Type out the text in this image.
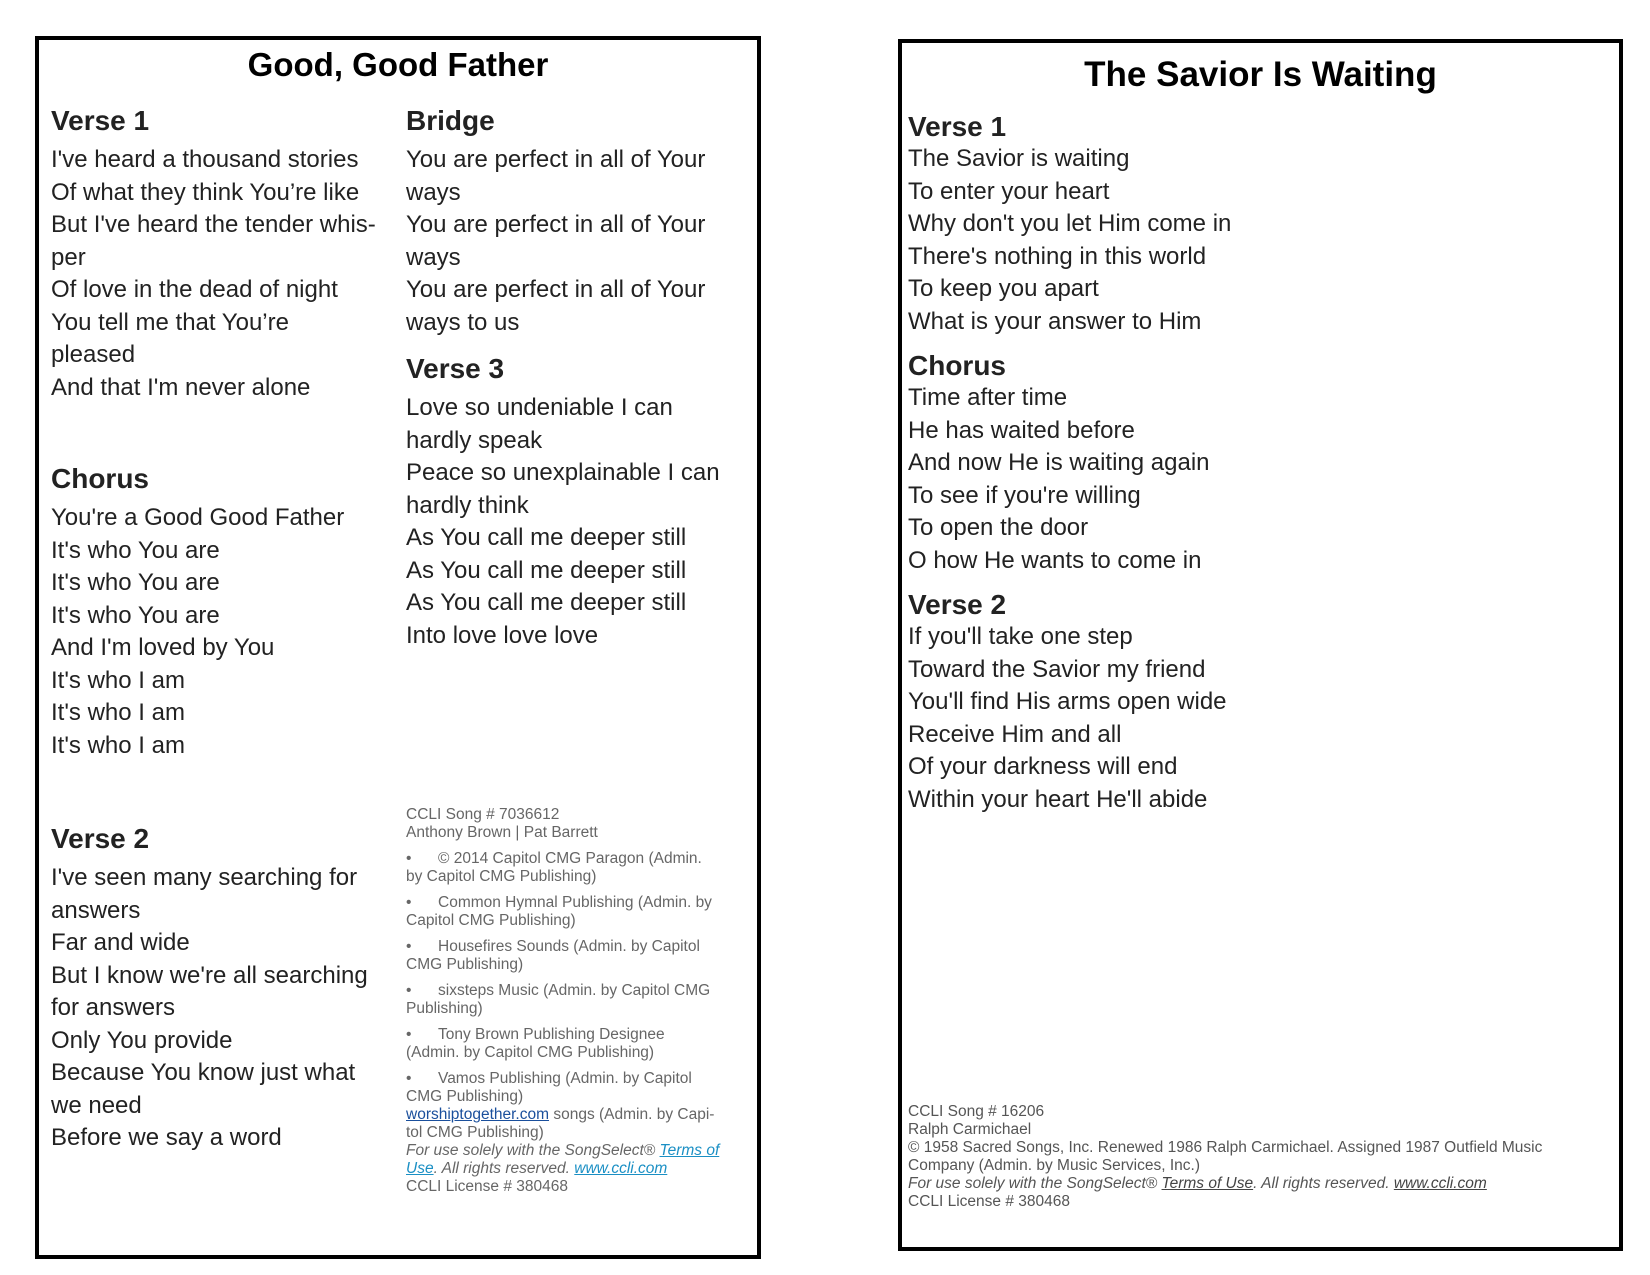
Good, Good Father
Verse 1
I've heard a thousand stories
Of what they think You’re like
But I've heard the tender whis-
per
Of love in the dead of night
You tell me that You’re
pleased
And that I'm never alone
Chorus
You're a Good Good Father
It's who You are
It's who You are
It's who You are
And I'm loved by You
It's who I am
It's who I am
It's who I am
Verse 2
I've seen many searching for
answers
Far and wide
But I know we're all searching
for answers
Only You provide
Because You know just what
we need
Before we say a word
Bridge
You are perfect in all of Your
ways
You are perfect in all of Your
ways
You are perfect in all of Your
ways to us
Verse 3
Love so undeniable I can
hardly speak
Peace so unexplainable I can
hardly think
As You call me deeper still
As You call me deeper still
As You call me deeper still
Into love love love
CCLI Song # 7036612
Anthony Brown | Pat Barrett
• © 2014 Capitol CMG Paragon (Admin.
by Capitol CMG Publishing)
• Common Hymnal Publishing (Admin. by
Capitol CMG Publishing)
• Housefires Sounds (Admin. by Capitol
CMG Publishing)
• sixsteps Music (Admin. by Capitol CMG
Publishing)
• Tony Brown Publishing Designee
(Admin. by Capitol CMG Publishing)
• Vamos Publishing (Admin. by Capitol
CMG Publishing)
worshiptogether.com songs (Admin. by Capi-
tol CMG Publishing)
For use solely with the SongSelect® Terms of
Use. All rights reserved. www.ccli.com
CCLI License # 380468
The Savior Is Waiting
Verse 1
The Savior is waiting
To enter your heart
Why don't you let Him come in
There's nothing in this world
To keep you apart
What is your answer to Him
Chorus
Time after time
He has waited before
And now He is waiting again
To see if you're willing
To open the door
O how He wants to come in
Verse 2
If you'll take one step
Toward the Savior my friend
You'll find His arms open wide
Receive Him and all
Of your darkness will end
Within your heart He'll abide
CCLI Song # 16206
Ralph Carmichael
© 1958 Sacred Songs, Inc. Renewed 1986 Ralph Carmichael. Assigned 1987 Outfield Music
Company (Admin. by Music Services, Inc.)
For use solely with the SongSelect® Terms of Use. All rights reserved. www.ccli.com
CCLI License # 380468
